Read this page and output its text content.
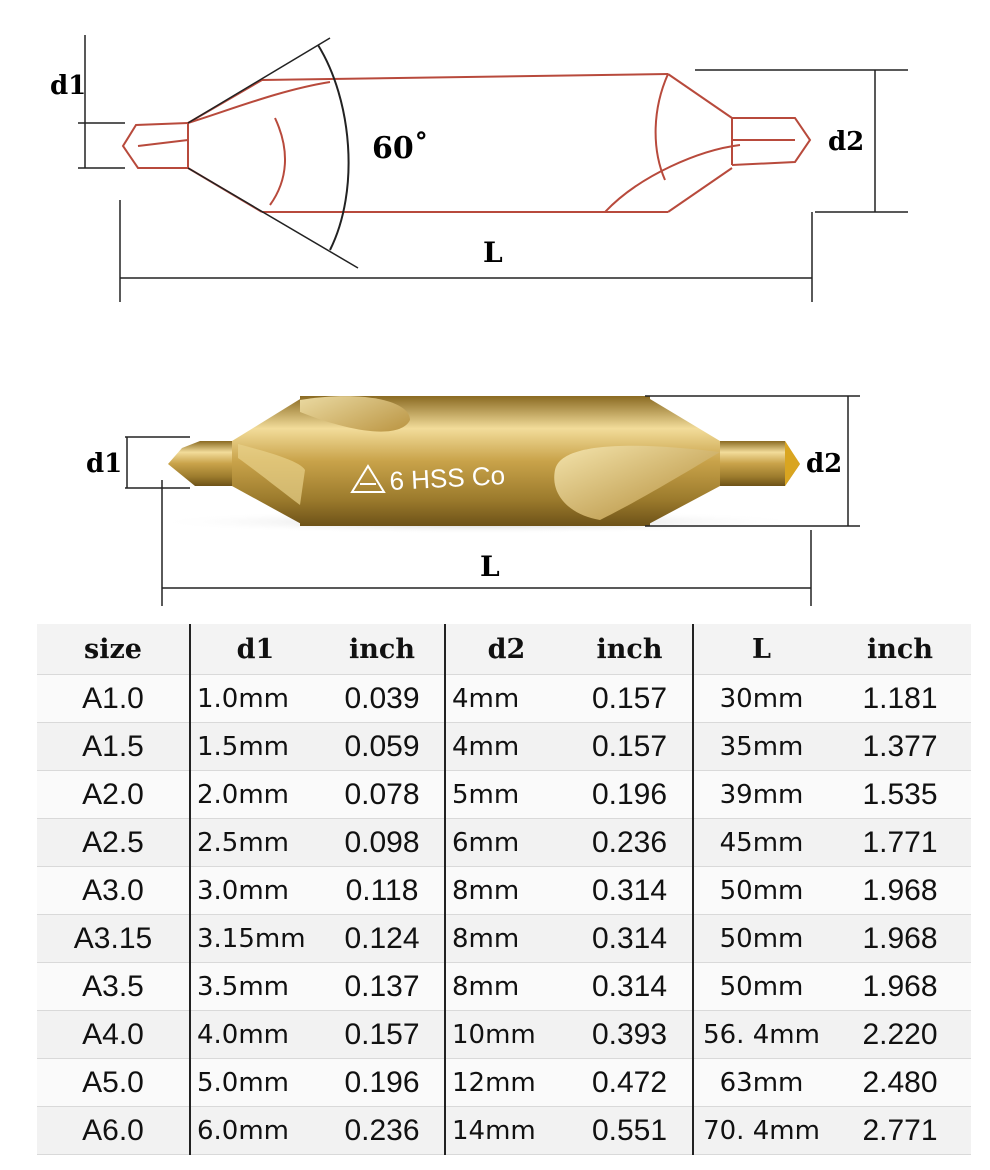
d1
60˚	d2
L
6 HSS Co
d1	d2
L
size	d1	inch	d2	inch	L	inch
A1.0	1.0mm	0.039	4mm	0.157	30mm	1.181
A1.5	1.5mm	0.059	4mm	0.157	35mm	1.377
A2.0	2.0mm	0.078	5mm	0.196	39mm	1.535
A2.5	2.5mm	0.098	6mm	0.236	45mm	1.771
A3.0	3.0mm	0.118	8mm	0.314	50mm	1.968
A3.15	3.15mm	0.124	8mm	0.314	50mm	1.968
A3.5	3.5mm	0.137	8mm	0.314	50mm	1.968
A4.0	4.0mm	0.157	10mm	0.393	56. 4mm	2.220
A5.0	5.0mm	0.196	12mm	0.472	63mm	2.480
A6.0	6.0mm	0.236	14mm	0.551	70. 4mm	2.771
